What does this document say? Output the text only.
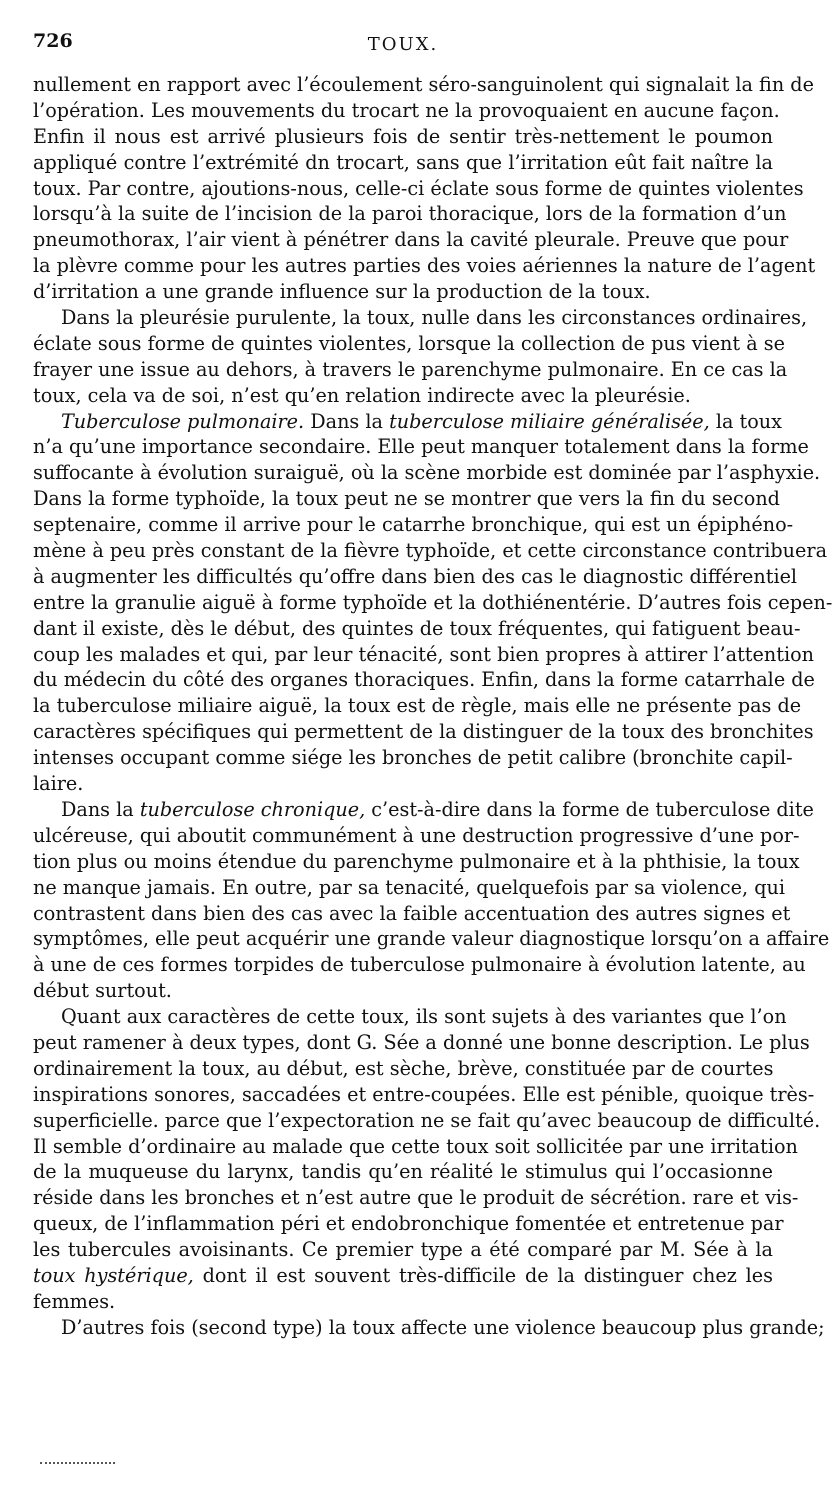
726	TOUX.
nullement en rapport avec l’écoulement séro-sanguinolent qui signalait la fin de
l’opération. Les mouvements du trocart ne la provoquaient en aucune façon.
Enfin il nous est arrivé plusieurs fois de sentir très-nettement le poumon
appliqué contre l’extrémité dn trocart, sans que l’irritation eût fait naître la
toux. Par contre, ajoutions-nous, celle-ci éclate sous forme de quintes violentes
lorsqu’à la suite de l’incision de la paroi thoracique, lors de la formation d’un
pneumothorax, l’air vient à pénétrer dans la cavité pleurale. Preuve que pour
la plèvre comme pour les autres parties des voies aériennes la nature de l’agent
d’irritation a une grande influence sur la production de la toux.
Dans la pleurésie purulente, la toux, nulle dans les circonstances ordinaires,
éclate sous forme de quintes violentes, lorsque la collection de pus vient à se
frayer une issue au dehors, à travers le parenchyme pulmonaire. En ce cas la
toux, cela va de soi, n’est qu’en relation indirecte avec la pleurésie.
Tuberculose pulmonaire. Dans la tuberculose miliaire généralisée, la toux
n’a qu’une importance secondaire. Elle peut manquer totalement dans la forme
suffocante à évolution suraiguë, où la scène morbide est dominée par l’asphyxie.
Dans la forme typhoïde, la toux peut ne se montrer que vers la fin du second
septenaire, comme il arrive pour le catarrhe bronchique, qui est un épiphéno-
mène à peu près constant de la fièvre typhoïde, et cette circonstance contribuera
à augmenter les difficultés qu’offre dans bien des cas le diagnostic différentiel
entre la granulie aiguë à forme typhoïde et la dothiénentérie. D’autres fois cepen-
dant il existe, dès le début, des quintes de toux fréquentes, qui fatiguent beau-
coup les malades et qui, par leur ténacité, sont bien propres à attirer l’attention
du médecin du côté des organes thoraciques. Enfin, dans la forme catarrhale de
la tuberculose miliaire aiguë, la toux est de règle, mais elle ne présente pas de
caractères spécifiques qui permettent de la distinguer de la toux des bronchites
intenses occupant comme siége les bronches de petit calibre (bronchite capil-
laire.
Dans la tuberculose chronique, c’est-à-dire dans la forme de tuberculose dite
ulcéreuse, qui aboutit communément à une destruction progressive d’une por-
tion plus ou moins étendue du parenchyme pulmonaire et à la phthisie, la toux
ne manque jamais. En outre, par sa tenacité, quelquefois par sa violence, qui
contrastent dans bien des cas avec la faible accentuation des autres signes et
symptômes, elle peut acquérir une grande valeur diagnostique lorsqu’on a affaire
à une de ces formes torpides de tuberculose pulmonaire à évolution latente, au
début surtout.
Quant aux caractères de cette toux, ils sont sujets à des variantes que l’on
peut ramener à deux types, dont G. Sée a donné une bonne description. Le plus
ordinairement la toux, au début, est sèche, brève, constituée par de courtes
inspirations sonores, saccadées et entre-coupées. Elle est pénible, quoique très-
superficielle. parce que l’expectoration ne se fait qu’avec beaucoup de difficulté.
Il semble d’ordinaire au malade que cette toux soit sollicitée par une irritation
de la muqueuse du larynx, tandis qu’en réalité le stimulus qui l’occasionne
réside dans les bronches et n’est autre que le produit de sécrétion. rare et vis-
queux, de l’inflammation péri et endobronchique fomentée et entretenue par
les tubercules avoisinants. Ce premier type a été comparé par M. Sée à la
toux hystérique, dont il est souvent très-difficile de la distinguer chez les
femmes.
D’autres fois (second type) la toux affecte une violence beaucoup plus grande;
